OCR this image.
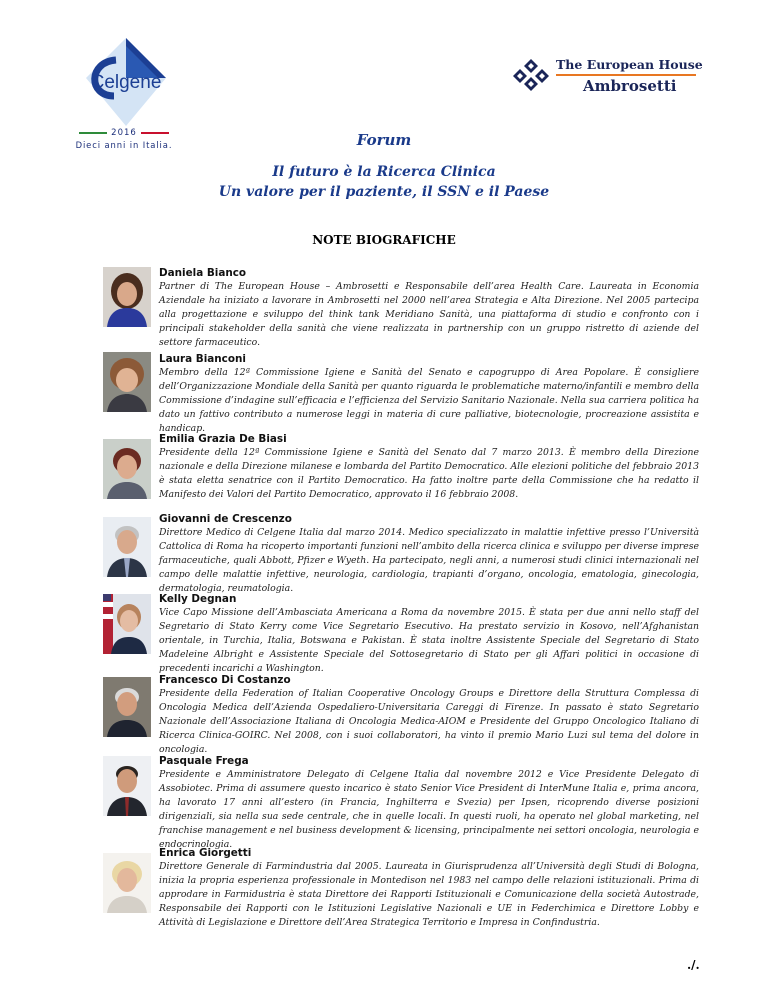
Celgene
2016
Dieci anni in Italia.
The European House
Ambrosetti
Forum
Il futuro è la Ricerca Clinica
Un valore per il paziente, il SSN e il Paese
NOTE BIOGRAFICHE
Daniela Bianco
Partner di The European House – Ambrosetti e Responsabile dell’area Health Care. Laureata in Economia Aziendale ha iniziato a lavorare in Ambrosetti nel 2000 nell’area Strategia e Alta Direzione. Nel 2005 partecipa alla progettazione e sviluppo del think tank Meridiano Sanità, una piattaforma di studio e confronto con i principali stakeholder della sanità che viene realizzata in partnership con un gruppo ristretto di aziende del settore farmaceutico.
Laura Bianconi
Membro della 12ª Commissione Igiene e Sanità del Senato e capogruppo di Area Popolare. È consigliere dell’Organizzazione Mondiale della Sanità per quanto riguarda le problematiche materno/infantili e membro della Commissione d’indagine sull’efficacia e l’efficienza del Servizio Sanitario Nazionale. Nella sua carriera politica ha dato un fattivo contributo a numerose leggi in materia di cure palliative, biotecnologie, procreazione assistita e handicap.
Emilia Grazia De Biasi
Presidente della 12ª Commissione Igiene e Sanità del Senato dal 7 marzo 2013. È membro della Direzione nazionale e della Direzione milanese e lombarda del Partito Democratico. Alle elezioni politiche del febbraio 2013 è stata eletta senatrice con il Partito Democratico. Ha fatto inoltre parte della Commissione che ha redatto il Manifesto dei Valori del Partito Democratico, approvato il 16 febbraio 2008.
Giovanni de Crescenzo
Direttore Medico di Celgene Italia dal marzo 2014. Medico specializzato in malattie infettive presso l’Università Cattolica di Roma ha ricoperto importanti funzioni nell’ambito della ricerca clinica e sviluppo per diverse imprese farmaceutiche, quali Abbott, Pfizer e Wyeth. Ha partecipato, negli anni, a numerosi studi clinici internazionali nel campo delle malattie infettive, neurologia, cardiologia, trapianti d’organo, oncologia, ematologia, ginecologia, dermatologia, reumatologia.
Kelly Degnan
Vice Capo Missione dell’Ambasciata Americana a Roma da novembre 2015. È stata per due anni nello staff del Segretario di Stato Kerry come Vice Segretario Esecutivo. Ha prestato servizio in Kosovo, nell’Afghanistan orientale, in Turchia, Italia, Botswana e Pakistan. È stata inoltre Assistente Speciale del Segretario di Stato Madeleine Albright e Assistente Speciale del Sottosegretario di Stato per gli Affari politici in occasione di precedenti incarichi a Washington.
Francesco Di Costanzo
Presidente della Federation of Italian Cooperative Oncology Groups e Direttore della Struttura Complessa di Oncologia Medica dell’Azienda Ospedaliero-Universitaria Careggi di Firenze. In passato è stato Segretario Nazionale dell’Associazione Italiana di Oncologia Medica-AIOM e Presidente del Gruppo Oncologico Italiano di Ricerca Clinica-GOIRC. Nel 2008, con i suoi collaboratori, ha vinto il premio Mario Luzi sul tema del dolore in oncologia.
Pasquale Frega
Presidente e Amministratore Delegato di Celgene Italia dal novembre 2012 e Vice Presidente Delegato di Assobiotec. Prima di assumere questo incarico è stato Senior Vice President di InterMune Italia e, prima ancora, ha lavorato 17 anni all’estero (in Francia, Inghilterra e Svezia) per Ipsen, ricoprendo diverse posizioni dirigenziali, sia nella sua sede centrale, che in quelle locali. In questi ruoli, ha operato nel global marketing, nel franchise management e nel business development & licensing, principalmente nei settori oncologia, neurologia e endocrinologia.
Enrica Giorgetti
Direttore Generale di Farmindustria dal 2005. Laureata in Giurisprudenza all’Università degli Studi di Bologna, inizia la propria esperienza professionale in Montedison nel 1983 nel campo delle relazioni istituzionali. Prima di approdare in Farmidustria è stata Direttore dei Rapporti Istituzionali e Comunicazione della società Autostrade, Responsabile dei Rapporti con le Istituzioni Legislative Nazionali e UE in Federchimica e Direttore Lobby e Attività di Legislazione e Direttore dell’Area Strategica Territorio e Impresa in Confindustria.
./.
